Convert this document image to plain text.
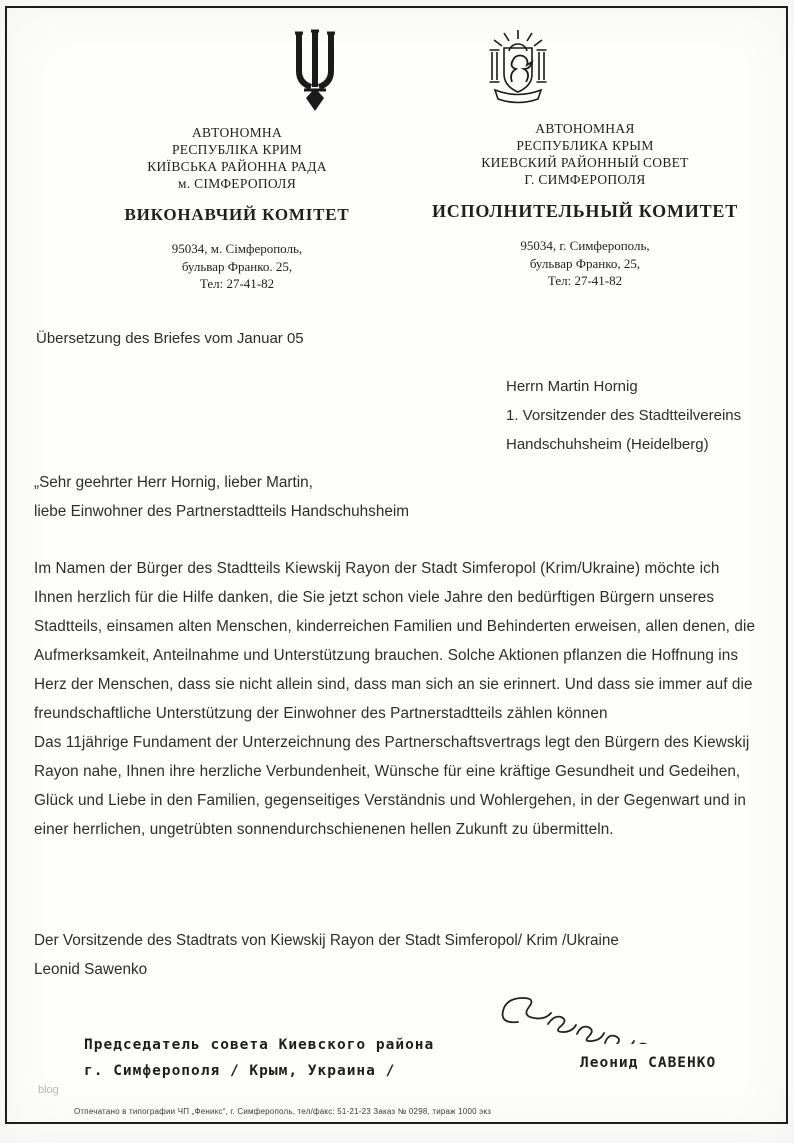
АВТОНОМНА
РЕСПУБЛІКА КРИМ
КИЇВСЬКА РАЙОННА РАДА
м. СІМФЕРОПОЛЯ
ВИКОНАВЧИЙ КОМІТЕТ
95034, м. Сімферополь,
бульвар Франко. 25,
Тел: 27-41-82
АВТОНОМНАЯ
РЕСПУБЛИКА КРЫМ
КИЕВСКИЙ РАЙОННЫЙ СОВЕТ
Г. СИМФЕРОПОЛЯ
ИСПОЛНИТЕЛЬНЫЙ КОМИТЕТ
95034, г. Симферополь,
бульвар Франко, 25,
Тел: 27-41-82
Übersetzung des Briefes vom Januar 05
Herrn Martin Hornig
1. Vorsitzender des Stadtteilvereins
Handschuhsheim (Heidelberg)
„Sehr geehrter Herr Hornig, lieber Martin,
liebe Einwohner des Partnerstadtteils Handschuhsheim

Im Namen der Bürger des Stadtteils Kiewskij Rayon der Stadt Simferopol (Krim/Ukraine) möchte ich Ihnen herzlich für die Hilfe danken, die Sie jetzt schon viele Jahre den bedürftigen Bürgern unseres Stadtteils, einsamen alten Menschen, kinderreichen Familien und Behinderten erweisen, allen denen, die Aufmerksamkeit, Anteilnahme und Unterstützung brauchen. Solche Aktionen pflanzen die Hoffnung ins Herz der Menschen, dass sie nicht allein sind, dass man sich an sie erinnert. Und dass sie immer auf die freundschaftliche Unterstützung der Einwohner des Partnerstadtteils zählen können

Das 11jährige Fundament der Unterzeichnung des Partnerschaftsvertrags legt den Bürgern des Kiewskij Rayon nahe, Ihnen ihre herzliche Verbundenheit, Wünsche für eine kräftige Gesundheit und Gedeihen, Glück und Liebe in den Familien, gegenseitiges Verständnis und Wohlergehen, in der Gegenwart und in einer herrlichen, ungetrübten sonnendurchschienenen hellen Zukunft zu übermitteln.

Der Vorsitzende des Stadtrats von Kiewskij Rayon der Stadt Simferopol/ Krim /Ukraine
Leonid Sawenko
Председатель совета Киевского района
г. Симферополя / Крым, Украина /	Леонид САВЕНКО
blog
Отпечатано в типографии ЧП „Феникс“, г. Симферополь, тел/факс: 51-21-23 Заказ № 0298, тираж 1000 экз
